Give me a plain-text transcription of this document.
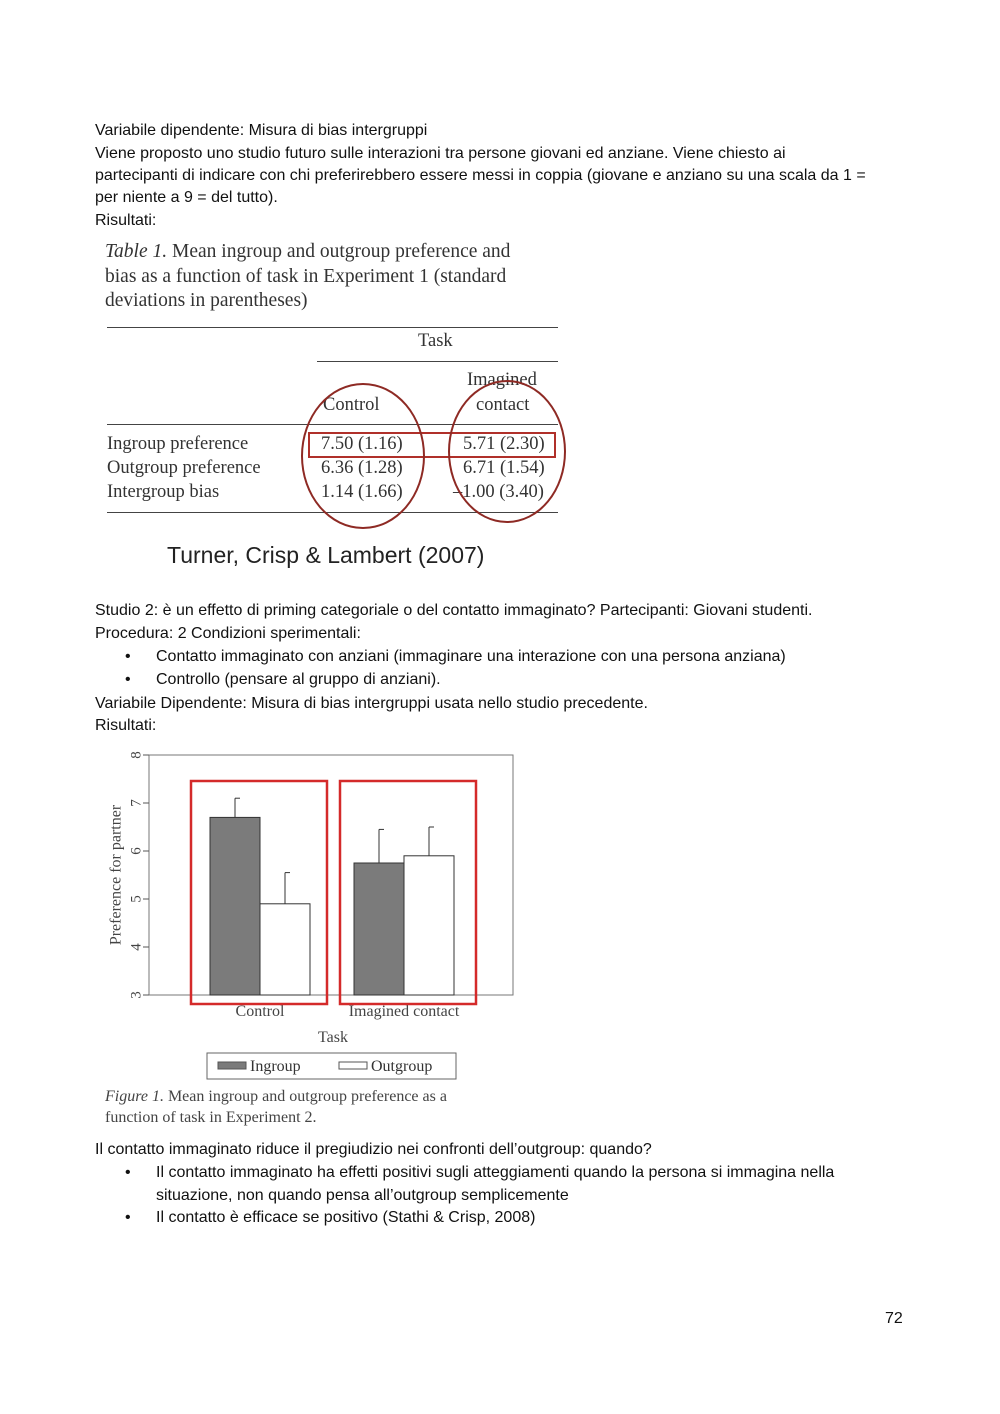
Variabile dipendente: Misura di bias intergruppi
Viene proposto uno studio futuro sulle interazioni tra persone giovani ed anziane. Viene chiesto ai
partecipanti di indicare con chi preferirebbero essere messi in coppia (giovane e anziano su una scala da 1 =
per niente a 9 = del tutto).
Risultati:
Table 1. Mean ingroup and outgroup preference and
bias as a function of task in Experiment 1 (standard
deviations in parentheses)
Task
Imagined
Control	contact
Ingroup preference	7.50 (1.16)	5.71 (2.30)
Outgroup preference	6.36 (1.28)	6.71 (1.54)
Intergroup bias	1.14 (1.66)	–1.00 (3.40)
Turner, Crisp & Lambert (2007)
Studio 2: è un effetto di priming categoriale o del contatto immaginato? Partecipanti: Giovani studenti.
Procedura: 2 Condizioni sperimentali:
• Contatto immaginato con anziani (immaginare una interazione con una persona anziana)
• Controllo (pensare al gruppo di anziani).
Variabile Dipendente: Misura di bias intergruppi usata nello studio precedente.
Risultati:
3
4
5
6
7
8
Preference for partner
Control	Imagined contact
Task
Ingroup	Outgroup
Figure 1. Mean ingroup and outgroup preference as a
function of task in Experiment 2.
Il contatto immaginato riduce il pregiudizio nei confronti dell’outgroup: quando?
• Il contatto immaginato ha effetti positivi sugli atteggiamenti quando la persona si immagina nella
situazione, non quando pensa all’outgroup semplicemente
• Il contatto è efficace se positivo (Stathi & Crisp, 2008)
72
